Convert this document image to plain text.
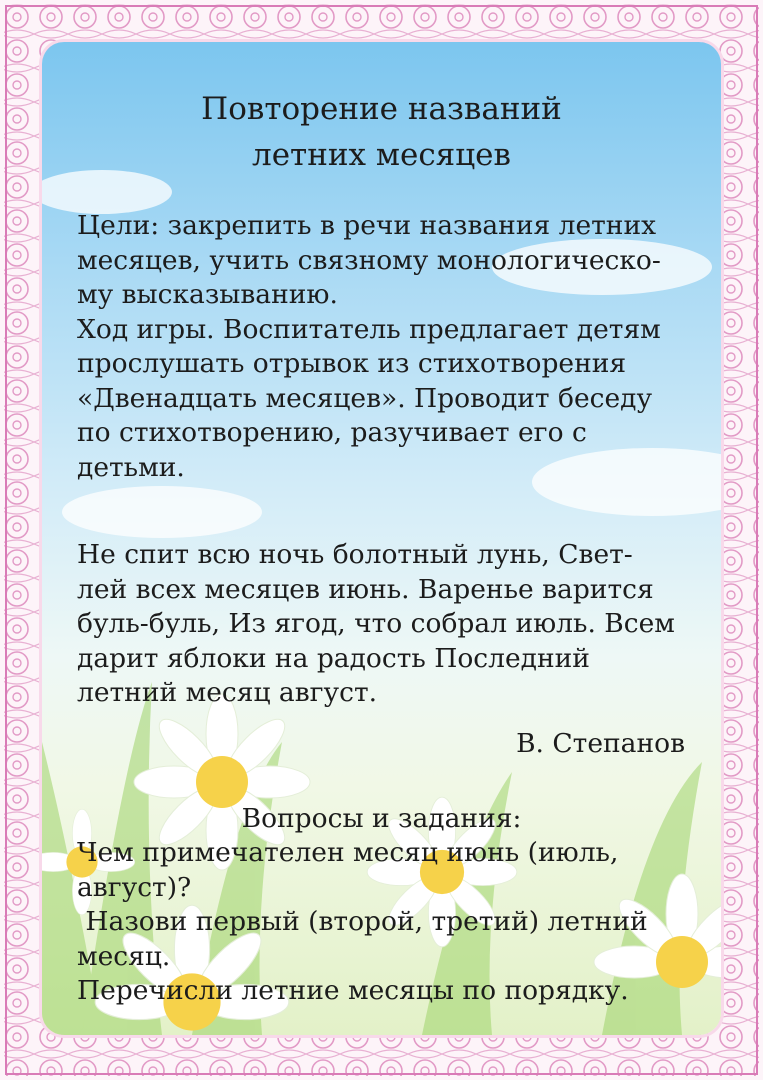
Повторение названий
летних месяцев
Цели: закрепить в речи названия летних
месяцев, учить связному монологическо-
му высказыванию.
Ход игры. Воспитатель предлагает детям
прослушать отрывок из стихотворения
«Двенадцать месяцев». Проводит беседу
по стихотворению, разучивает его с
детьми.
Не спит всю ночь болотный лунь, Свет-
лей всех месяцев июнь. Варенье варится
буль-буль, Из ягод, что собрал июль. Всем
дарит яблоки на радость Последний
летний месяц август.
В. Степанов
Вопросы и задания:
Чем примечателен месяц июнь (июль,
август)?
Назови первый (второй, третий) летний
месяц.
Перечисли летние месяцы по порядку.
